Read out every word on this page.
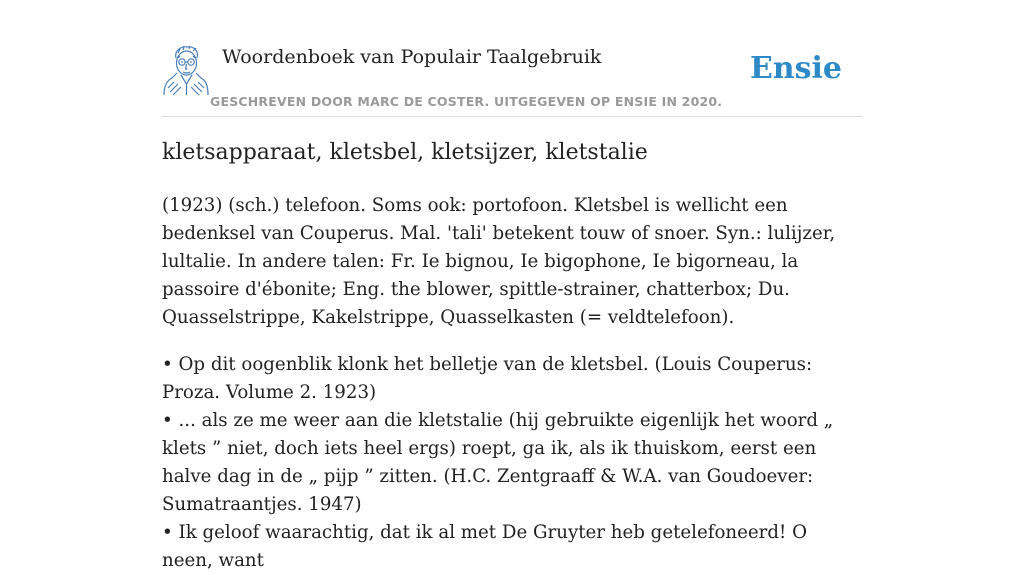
Woordenboek van Populair Taalgebruik
GESCHREVEN DOOR MARC DE COSTER. UITGEGEVEN OP ENSIE IN 2020.
Ensie
kletsapparaat, kletsbel, kletsijzer, kletstalie

(1923) (sch.) telefoon. Soms ook: portofoon. Kletsbel is wellicht een bedenksel van Couperus. Mal. 'tali' betekent touw of snoer. Syn.: lulijzer, lultalie. In andere talen: Fr. Ie bignou, Ie bigophone, Ie bigorneau, la passoire d'ébonite; Eng. the blower, spittle-strainer, chatterbox; Du. Quasselstrippe, Kakelstrippe, Quasselkasten (= veldtelefoon).

• Op dit oogenblik klonk het belletje van de kletsbel. (Louis Couperus: Proza. Volume 2. 1923)
• ... als ze me weer aan die kletstalie (hij gebruikte eigenlijk het woord „ klets ” niet, doch iets heel ergs) roept, ga ik, als ik thuiskom, eerst een halve dag in de „ pijp ” zitten. (H.C. Zentgraaff & W.A. van Goudoever: Sumatraantjes. 1947)
• Ik geloof waarachtig, dat ik al met De Gruyter heb getelefoneerd! O neen, want
